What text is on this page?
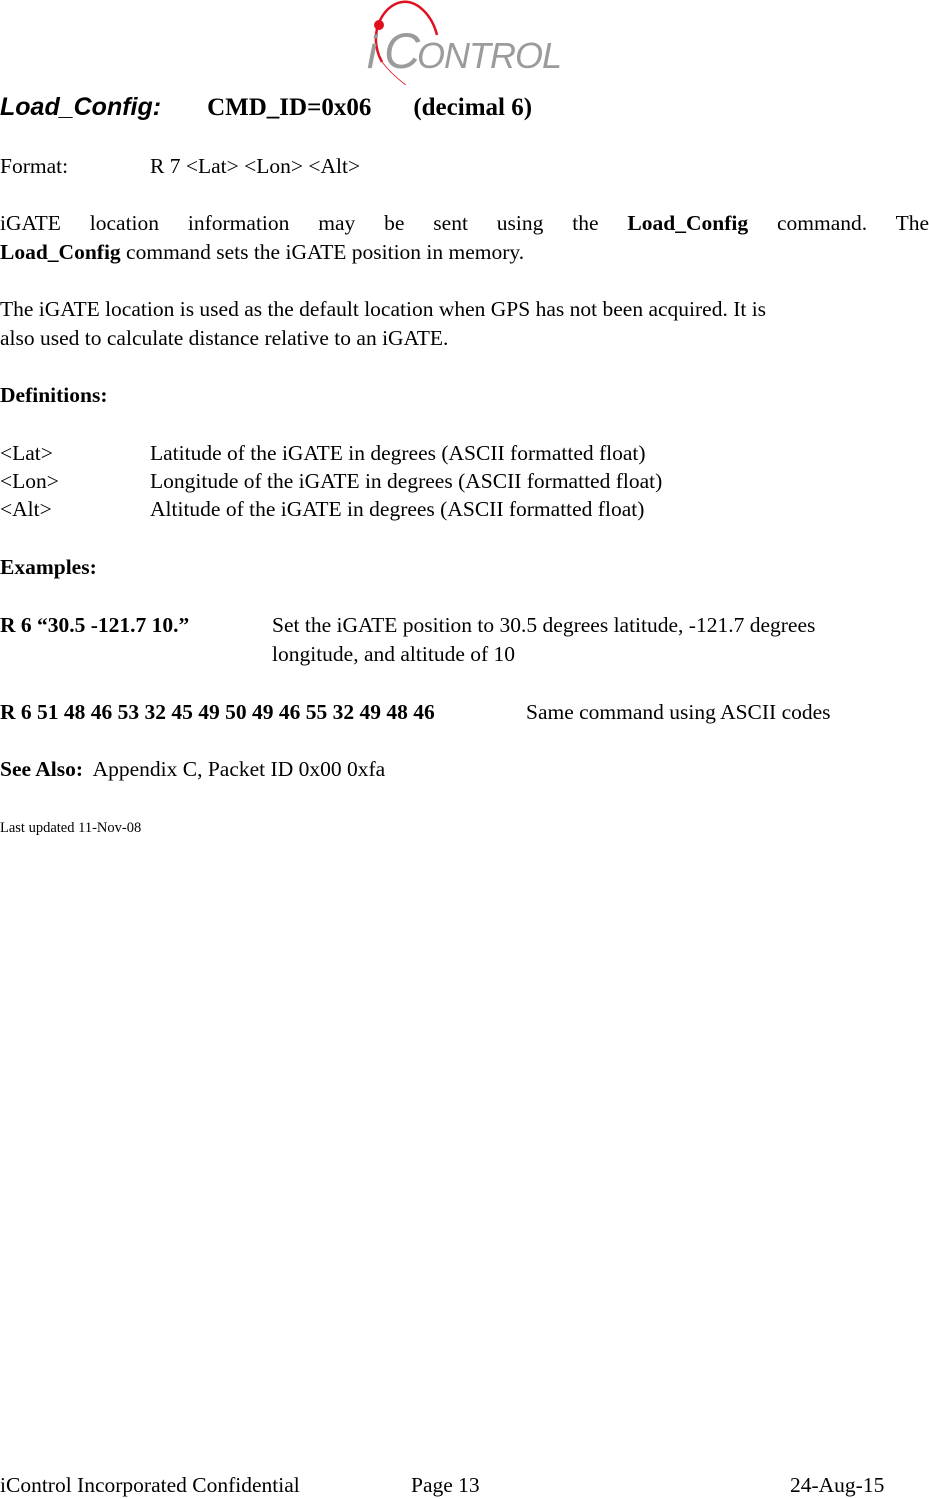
i C
ONTROL
Load_Config: CMD_ID=0x06 (decimal 6)
Format:	R 7 <Lat> <Lon> <Alt>
iGATE location information may be sent using the Load_Config command. The
Load_Config command sets the iGATE position in memory.
The iGATE location is used as the default location when GPS has not been acquired. It is
also used to calculate distance relative to an iGATE.
Definitions:
<Lat>	Latitude of the iGATE in degrees (ASCII formatted float)
<Lon>	Longitude of the iGATE in degrees (ASCII formatted float)
<Alt>	Altitude of the iGATE in degrees (ASCII formatted float)
Examples:
R 6 “30.5 -121.7 10.”	Set the iGATE position to 30.5 degrees latitude, -121.7 degrees
longitude, and altitude of 10
R 6 51 48 46 53 32 45 49 50 49 46 55 32 49 48 46	Same command using ASCII codes
See Also: Appendix C, Packet ID 0x00 0xfa
Last updated 11-Nov-08
iControl Incorporated Confidential	Page 13	24-Aug-15
